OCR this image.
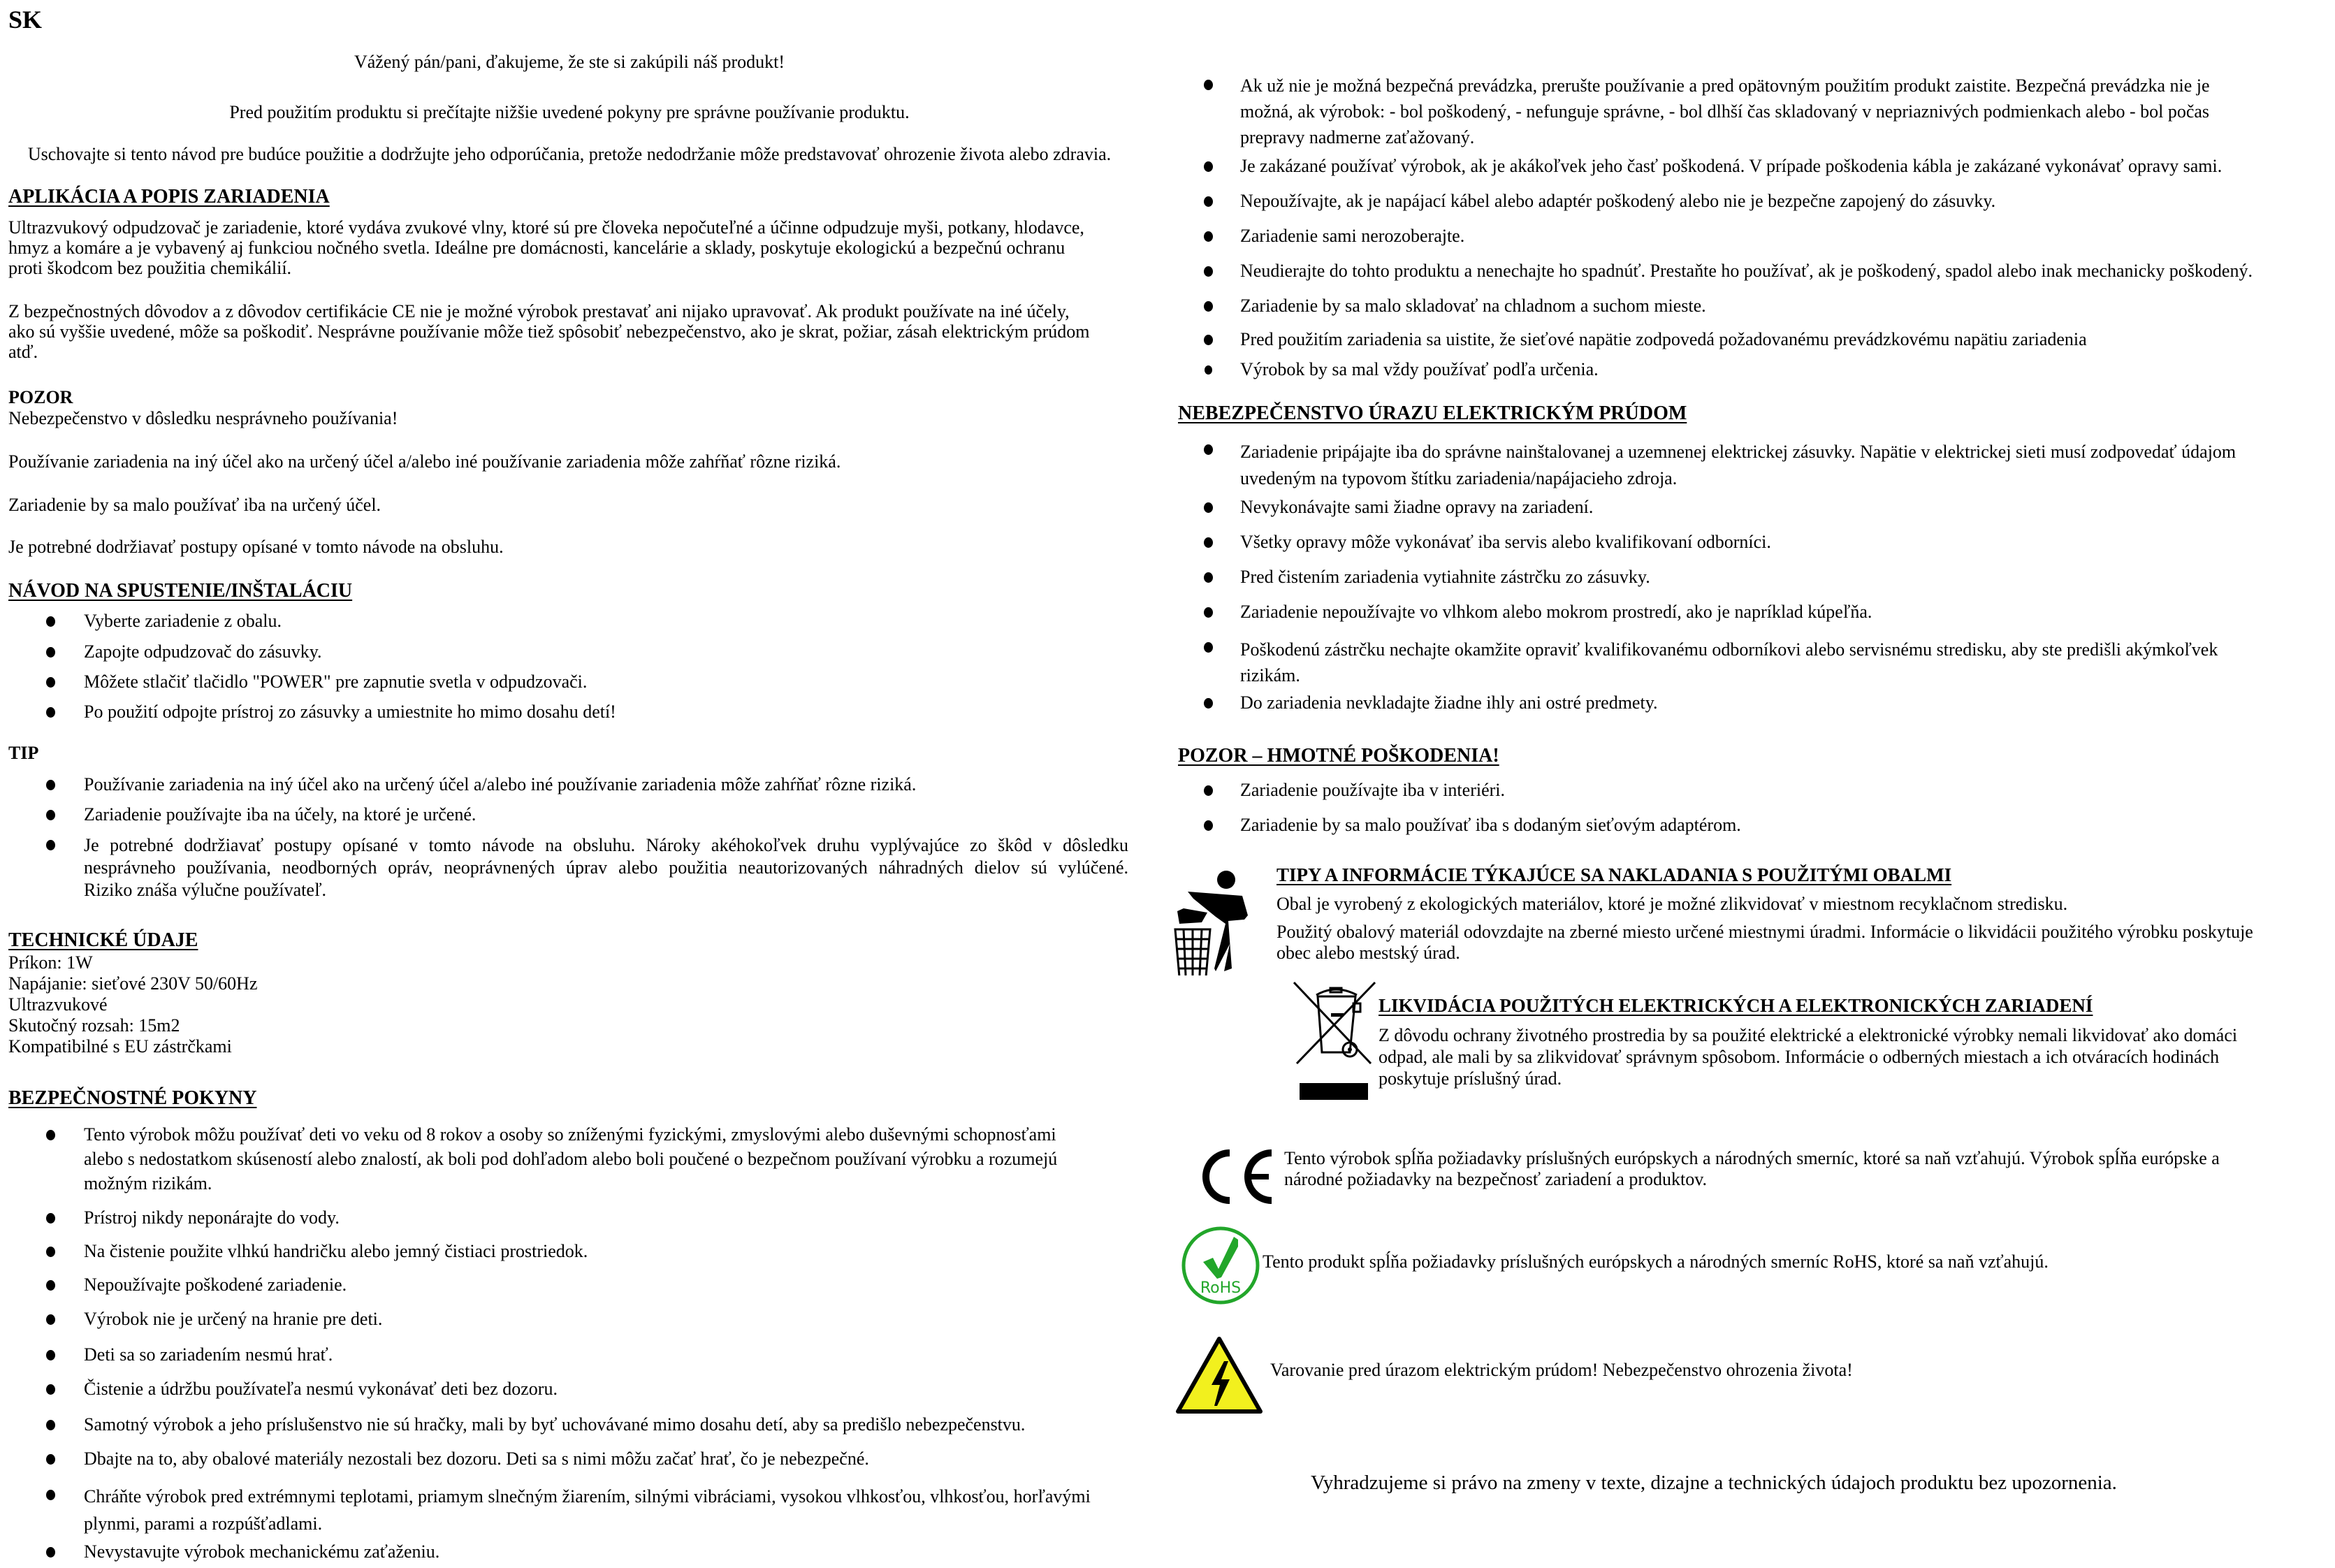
SK
Vážený pán/pani, ďakujeme, že ste si zakúpili náš produkt!
Pred použitím produktu si prečítajte nižšie uvedené pokyny pre správne používanie produktu.
Uschovajte si tento návod pre budúce použitie a dodržujte jeho odporúčania, pretože nedodržanie môže predstavovať ohrozenie života alebo zdravia.
APLIKÁCIA A POPIS ZARIADENIA
Ultrazvukový odpudzovač je zariadenie, ktoré vydáva zvukové vlny, ktoré sú pre človeka nepočuteľné a účinne odpudzuje myši, potkany, hlodavce,
hmyz a komáre a je vybavený aj funkciou nočného svetla. Ideálne pre domácnosti, kancelárie a sklady, poskytuje ekologickú a bezpečnú ochranu
proti škodcom bez použitia chemikálií.
Z bezpečnostných dôvodov a z dôvodov certifikácie CE nie je možné výrobok prestavať ani nijako upravovať. Ak produkt používate na iné účely,
ako sú vyššie uvedené, môže sa poškodiť. Nesprávne používanie môže tiež spôsobiť nebezpečenstvo, ako je skrat, požiar, zásah elektrickým prúdom
atď.
POZOR
Nebezpečenstvo v dôsledku nesprávneho používania!
Používanie zariadenia na iný účel ako na určený účel a/alebo iné používanie zariadenia môže zahŕňať rôzne riziká.
Zariadenie by sa malo používať iba na určený účel.
Je potrebné dodržiavať postupy opísané v tomto návode na obsluhu.
NÁVOD NA SPUSTENIE/INŠTALÁCIU
Vyberte zariadenie z obalu.
Zapojte odpudzovač do zásuvky.
Môžete stlačiť tlačidlo "POWER" pre zapnutie svetla v odpudzovači.
Po použití odpojte prístroj zo zásuvky a umiestnite ho mimo dosahu detí!
TIP
Používanie zariadenia na iný účel ako na určený účel a/alebo iné používanie zariadenia môže zahŕňať rôzne riziká.
Zariadenie používajte iba na účely, na ktoré je určené.
Je potrebné dodržiavať postupy opísané v tomto návode na obsluhu. Nároky akéhokoľvek druhu vyplývajúce zo škôd v dôsledku
nesprávneho používania, neodborných opráv, neoprávnených úprav alebo použitia neautorizovaných náhradných dielov sú vylúčené.
Riziko znáša výlučne používateľ.
TECHNICKÉ ÚDAJE
Príkon: 1W
Napájanie: sieťové 230V 50/60Hz
Ultrazvukové
Skutočný rozsah: 15m2
Kompatibilné s EU zástrčkami
BEZPEČNOSTNÉ POKYNY
Tento výrobok môžu používať deti vo veku od 8 rokov a osoby so zníženými fyzickými, zmyslovými alebo duševnými schopnosťami
alebo s nedostatkom skúseností alebo znalostí, ak boli pod dohľadom alebo boli poučené o bezpečnom používaní výrobku a rozumejú
možným rizikám.
Prístroj nikdy neponárajte do vody.
Na čistenie použite vlhkú handričku alebo jemný čistiaci prostriedok.
Nepoužívajte poškodené zariadenie.
Výrobok nie je určený na hranie pre deti.
Deti sa so zariadením nesmú hrať.
Čistenie a údržbu používateľa nesmú vykonávať deti bez dozoru.
Samotný výrobok a jeho príslušenstvo nie sú hračky, mali by byť uchovávané mimo dosahu detí, aby sa predišlo nebezpečenstvu.
Dbajte na to, aby obalové materiály nezostali bez dozoru. Deti sa s nimi môžu začať hrať, čo je nebezpečné.
Chráňte výrobok pred extrémnymi teplotami, priamym slnečným žiarením, silnými vibráciami, vysokou vlhkosťou, vlhkosťou, horľavými
plynmi, parami a rozpúšťadlami.
Nevystavujte výrobok mechanickému zaťaženiu.
Ak už nie je možná bezpečná prevádzka, prerušte používanie a pred opätovným použitím produkt zaistite. Bezpečná prevádzka nie je
možná, ak výrobok: - bol poškodený, - nefunguje správne, - bol dlhší čas skladovaný v nepriaznivých podmienkach alebo - bol počas
prepravy nadmerne zaťažovaný.
Je zakázané používať výrobok, ak je akákoľvek jeho časť poškodená. V prípade poškodenia kábla je zakázané vykonávať opravy sami.
Nepoužívajte, ak je napájací kábel alebo adaptér poškodený alebo nie je bezpečne zapojený do zásuvky.
Zariadenie sami nerozoberajte.
Neudierajte do tohto produktu a nenechajte ho spadnúť. Prestaňte ho používať, ak je poškodený, spadol alebo inak mechanicky poškodený.
Zariadenie by sa malo skladovať na chladnom a suchom mieste.
Pred použitím zariadenia sa uistite, že sieťové napätie zodpovedá požadovanému prevádzkovému napätiu zariadenia
Výrobok by sa mal vždy používať podľa určenia.
NEBEZPEČENSTVO ÚRAZU ELEKTRICKÝM PRÚDOM
Zariadenie pripájajte iba do správne nainštalovanej a uzemnenej elektrickej zásuvky. Napätie v elektrickej sieti musí zodpovedať údajom
uvedeným na typovom štítku zariadenia/napájacieho zdroja.
Nevykonávajte sami žiadne opravy na zariadení.
Všetky opravy môže vykonávať iba servis alebo kvalifikovaní odborníci.
Pred čistením zariadenia vytiahnite zástrčku zo zásuvky.
Zariadenie nepoužívajte vo vlhkom alebo mokrom prostredí, ako je napríklad kúpeľňa.
Poškodenú zástrčku nechajte okamžite opraviť kvalifikovanému odborníkovi alebo servisnému stredisku, aby ste predišli akýmkoľvek
rizikám.
Do zariadenia nevkladajte žiadne ihly ani ostré predmety.
POZOR – HMOTNÉ POŠKODENIA!
Zariadenie používajte iba v interiéri.
Zariadenie by sa malo používať iba s dodaným sieťovým adaptérom.
TIPY A INFORMÁCIE TÝKAJÚCE SA NAKLADANIA S POUŽITÝMI OBALMI
Obal je vyrobený z ekologických materiálov, ktoré je možné zlikvidovať v miestnom recyklačnom stredisku.
Použitý obalový materiál odovzdajte na zberné miesto určené miestnymi úradmi. Informácie o likvidácii použitého výrobku poskytuje
obec alebo mestský úrad.
LIKVIDÁCIA POUŽITÝCH ELEKTRICKÝCH A ELEKTRONICKÝCH ZARIADENÍ
Z dôvodu ochrany životného prostredia by sa použité elektrické a elektronické výrobky nemali likvidovať ako domáci
odpad, ale mali by sa zlikvidovať správnym spôsobom. Informácie o odberných miestach a ich otváracích hodinách
poskytuje príslušný úrad.
Tento výrobok spĺňa požiadavky príslušných európskych a národných smerníc, ktoré sa naň vzťahujú. Výrobok spĺňa európske a
národné požiadavky na bezpečnosť zariadení a produktov.
RoHS
Tento produkt spĺňa požiadavky príslušných európskych a národných smerníc RoHS, ktoré sa naň vzťahujú.
Varovanie pred úrazom elektrickým prúdom! Nebezpečenstvo ohrozenia života!
Vyhradzujeme si právo na zmeny v texte, dizajne a technických údajoch produktu bez upozornenia.
